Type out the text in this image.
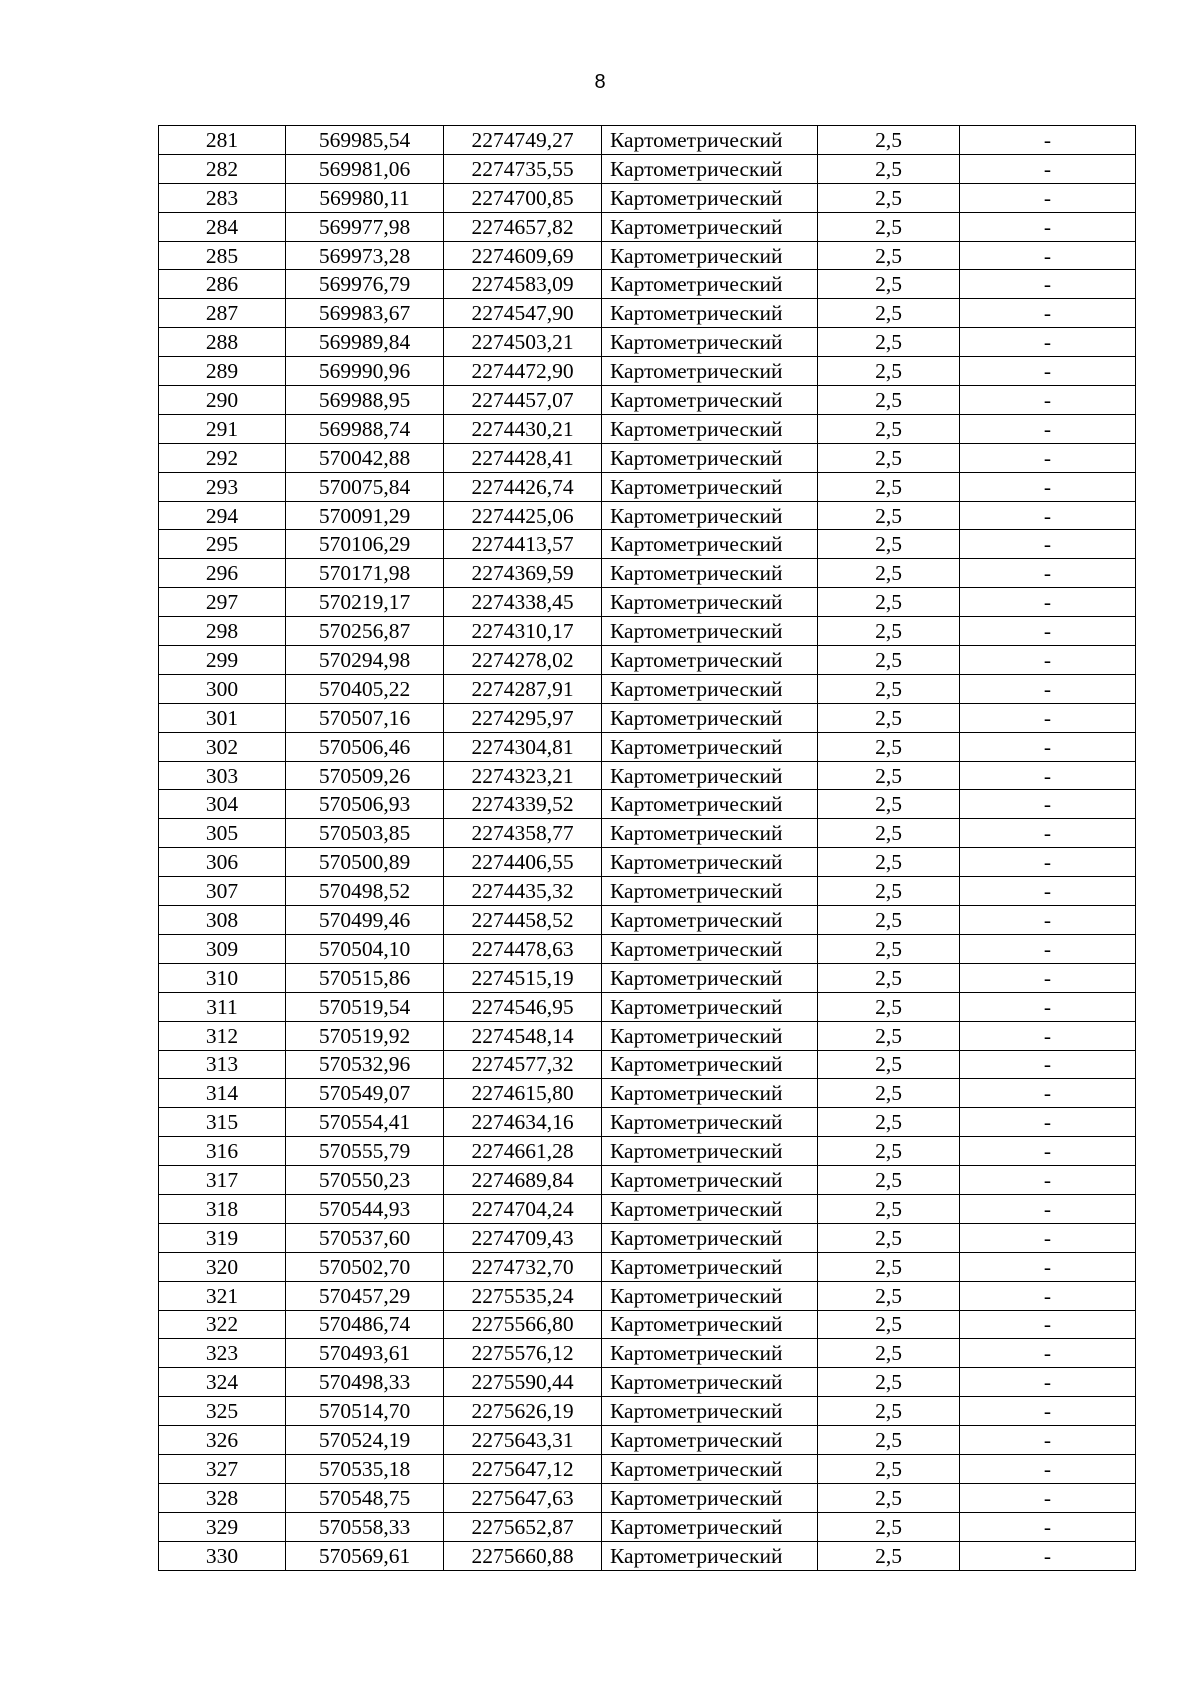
8
281	569985,54	2274749,27	Картометрический	2,5	-
282	569981,06	2274735,55	Картометрический	2,5	-
283	569980,11	2274700,85	Картометрический	2,5	-
284	569977,98	2274657,82	Картометрический	2,5	-
285	569973,28	2274609,69	Картометрический	2,5	-
286	569976,79	2274583,09	Картометрический	2,5	-
287	569983,67	2274547,90	Картометрический	2,5	-
288	569989,84	2274503,21	Картометрический	2,5	-
289	569990,96	2274472,90	Картометрический	2,5	-
290	569988,95	2274457,07	Картометрический	2,5	-
291	569988,74	2274430,21	Картометрический	2,5	-
292	570042,88	2274428,41	Картометрический	2,5	-
293	570075,84	2274426,74	Картометрический	2,5	-
294	570091,29	2274425,06	Картометрический	2,5	-
295	570106,29	2274413,57	Картометрический	2,5	-
296	570171,98	2274369,59	Картометрический	2,5	-
297	570219,17	2274338,45	Картометрический	2,5	-
298	570256,87	2274310,17	Картометрический	2,5	-
299	570294,98	2274278,02	Картометрический	2,5	-
300	570405,22	2274287,91	Картометрический	2,5	-
301	570507,16	2274295,97	Картометрический	2,5	-
302	570506,46	2274304,81	Картометрический	2,5	-
303	570509,26	2274323,21	Картометрический	2,5	-
304	570506,93	2274339,52	Картометрический	2,5	-
305	570503,85	2274358,77	Картометрический	2,5	-
306	570500,89	2274406,55	Картометрический	2,5	-
307	570498,52	2274435,32	Картометрический	2,5	-
308	570499,46	2274458,52	Картометрический	2,5	-
309	570504,10	2274478,63	Картометрический	2,5	-
310	570515,86	2274515,19	Картометрический	2,5	-
311	570519,54	2274546,95	Картометрический	2,5	-
312	570519,92	2274548,14	Картометрический	2,5	-
313	570532,96	2274577,32	Картометрический	2,5	-
314	570549,07	2274615,80	Картометрический	2,5	-
315	570554,41	2274634,16	Картометрический	2,5	-
316	570555,79	2274661,28	Картометрический	2,5	-
317	570550,23	2274689,84	Картометрический	2,5	-
318	570544,93	2274704,24	Картометрический	2,5	-
319	570537,60	2274709,43	Картометрический	2,5	-
320	570502,70	2274732,70	Картометрический	2,5	-
321	570457,29	2275535,24	Картометрический	2,5	-
322	570486,74	2275566,80	Картометрический	2,5	-
323	570493,61	2275576,12	Картометрический	2,5	-
324	570498,33	2275590,44	Картометрический	2,5	-
325	570514,70	2275626,19	Картометрический	2,5	-
326	570524,19	2275643,31	Картометрический	2,5	-
327	570535,18	2275647,12	Картометрический	2,5	-
328	570548,75	2275647,63	Картометрический	2,5	-
329	570558,33	2275652,87	Картометрический	2,5	-
330	570569,61	2275660,88	Картометрический	2,5	-
